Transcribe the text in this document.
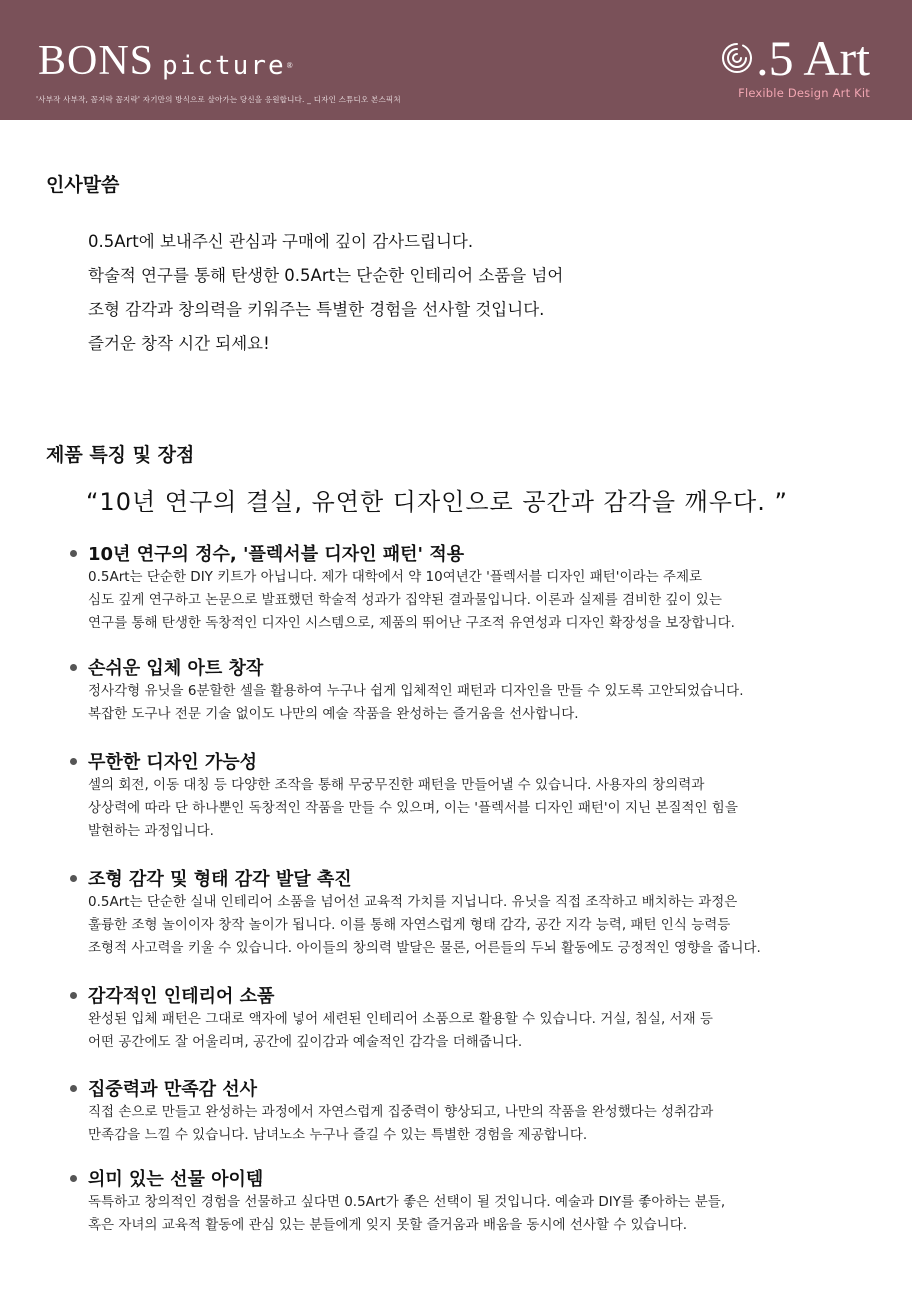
BONS picture®
'사부작 사부작, 꼼지락 꼼지락' 자기만의 방식으로 살아가는 당신을 응원합니다. _ 디자인 스튜디오 본스픽처
.5 Art
Flexible Design Art Kit
인사말씀

0.5Art에 보내주신 관심과 구매에 깊이 감사드립니다.

학술적 연구를 통해 탄생한 0.5Art는 단순한 인테리어 소품을 넘어

조형 감각과 창의력을 키워주는 특별한 경험을 선사할 것입니다.

즐거운 창작 시간 되세요!

제품 특징 및 장점
“10년 연구의 결실, 유연한 디자인으로 공간과 감각을 깨우다. ”
10년 연구의 정수, '플렉서블 디자인 패턴' 적용

0.5Art는 단순한 DIY 키트가 아닙니다. 제가 대학에서 약 10여년간 '플렉서블 디자인 패턴'이라는 주제로

심도 깊게 연구하고 논문으로 발표했던 학술적 성과가 집약된 결과물입니다. 이론과 실제를 겸비한 깊이 있는

연구를 통해 탄생한 독창적인 디자인 시스템으로, 제품의 뛰어난 구조적 유연성과 디자인 확장성을 보장합니다.

손쉬운 입체 아트 창작

정사각형 유닛을 6분할한 셀을 활용하여 누구나 쉽게 입체적인 패턴과 디자인을 만들 수 있도록 고안되었습니다.

복잡한 도구나 전문 기술 없이도 나만의 예술 작품을 완성하는 즐거움을 선사합니다.

무한한 디자인 가능성

셀의 회전, 이동 대칭 등 다양한 조작을 통해 무궁무진한 패턴을 만들어낼 수 있습니다. 사용자의 창의력과

상상력에 따라 단 하나뿐인 독창적인 작품을 만들 수 있으며, 이는 '플렉서블 디자인 패턴'이 지닌 본질적인 힘을

발현하는 과정입니다.

조형 감각 및 형태 감각 발달 촉진

0.5Art는 단순한 실내 인테리어 소품을 넘어선 교육적 가치를 지닙니다. 유닛을 직접 조작하고 배치하는 과정은

훌륭한 조형 놀이이자 창작 놀이가 됩니다. 이를 통해 자연스럽게 형태 감각, 공간 지각 능력, 패턴 인식 능력등

조형적 사고력을 키울 수 있습니다. 아이들의 창의력 발달은 물론, 어른들의 두뇌 활동에도 긍정적인 영향을 줍니다.

감각적인 인테리어 소품

완성된 입체 패턴은 그대로 액자에 넣어 세련된 인테리어 소품으로 활용할 수 있습니다. 거실, 침실, 서재 등

어떤 공간에도 잘 어울리며, 공간에 깊이감과 예술적인 감각을 더해줍니다.

집중력과 만족감 선사

직접 손으로 만들고 완성하는 과정에서 자연스럽게 집중력이 향상되고, 나만의 작품을 완성했다는 성취감과

만족감을 느낄 수 있습니다. 남녀노소 누구나 즐길 수 있는 특별한 경험을 제공합니다.

의미 있는 선물 아이템

독특하고 창의적인 경험을 선물하고 싶다면 0.5Art가 좋은 선택이 될 것입니다. 예술과 DIY를 좋아하는 분들,

혹은 자녀의 교육적 활동에 관심 있는 분들에게 잊지 못할 즐거움과 배움을 동시에 선사할 수 있습니다.
